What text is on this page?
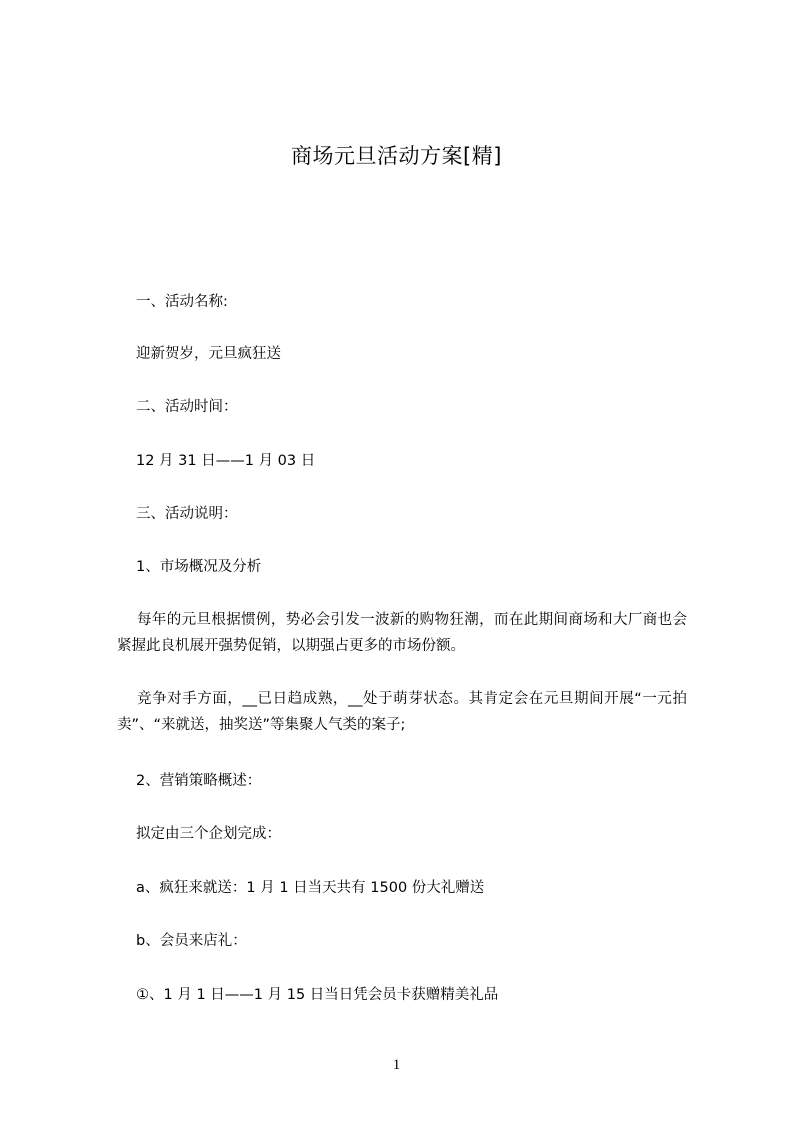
商场元旦活动方案[精]
一、活动名称:
迎新贺岁，元旦疯狂送
二、活动时间：
12 月 31 日——1 月 03 日
三、活动说明：
1、市场概况及分析
每年的元旦根据惯例，势必会引发一波新的购物狂潮，而在此期间商场和大厂商也会紧握此良机展开强势促销，以期强占更多的市场份额。
竞争对手方面，__已日趋成熟，__处于萌芽状态。其肯定会在元旦期间开展“一元拍卖”、“来就送，抽奖送”等集聚人气类的案子;
2、营销策略概述：
拟定由三个企划完成：
a、疯狂来就送：1 月 1 日当天共有 1500 份大礼赠送
b、会员来店礼：
①、1 月 1 日——1 月 15 日当日凭会员卡获赠精美礼品
1
